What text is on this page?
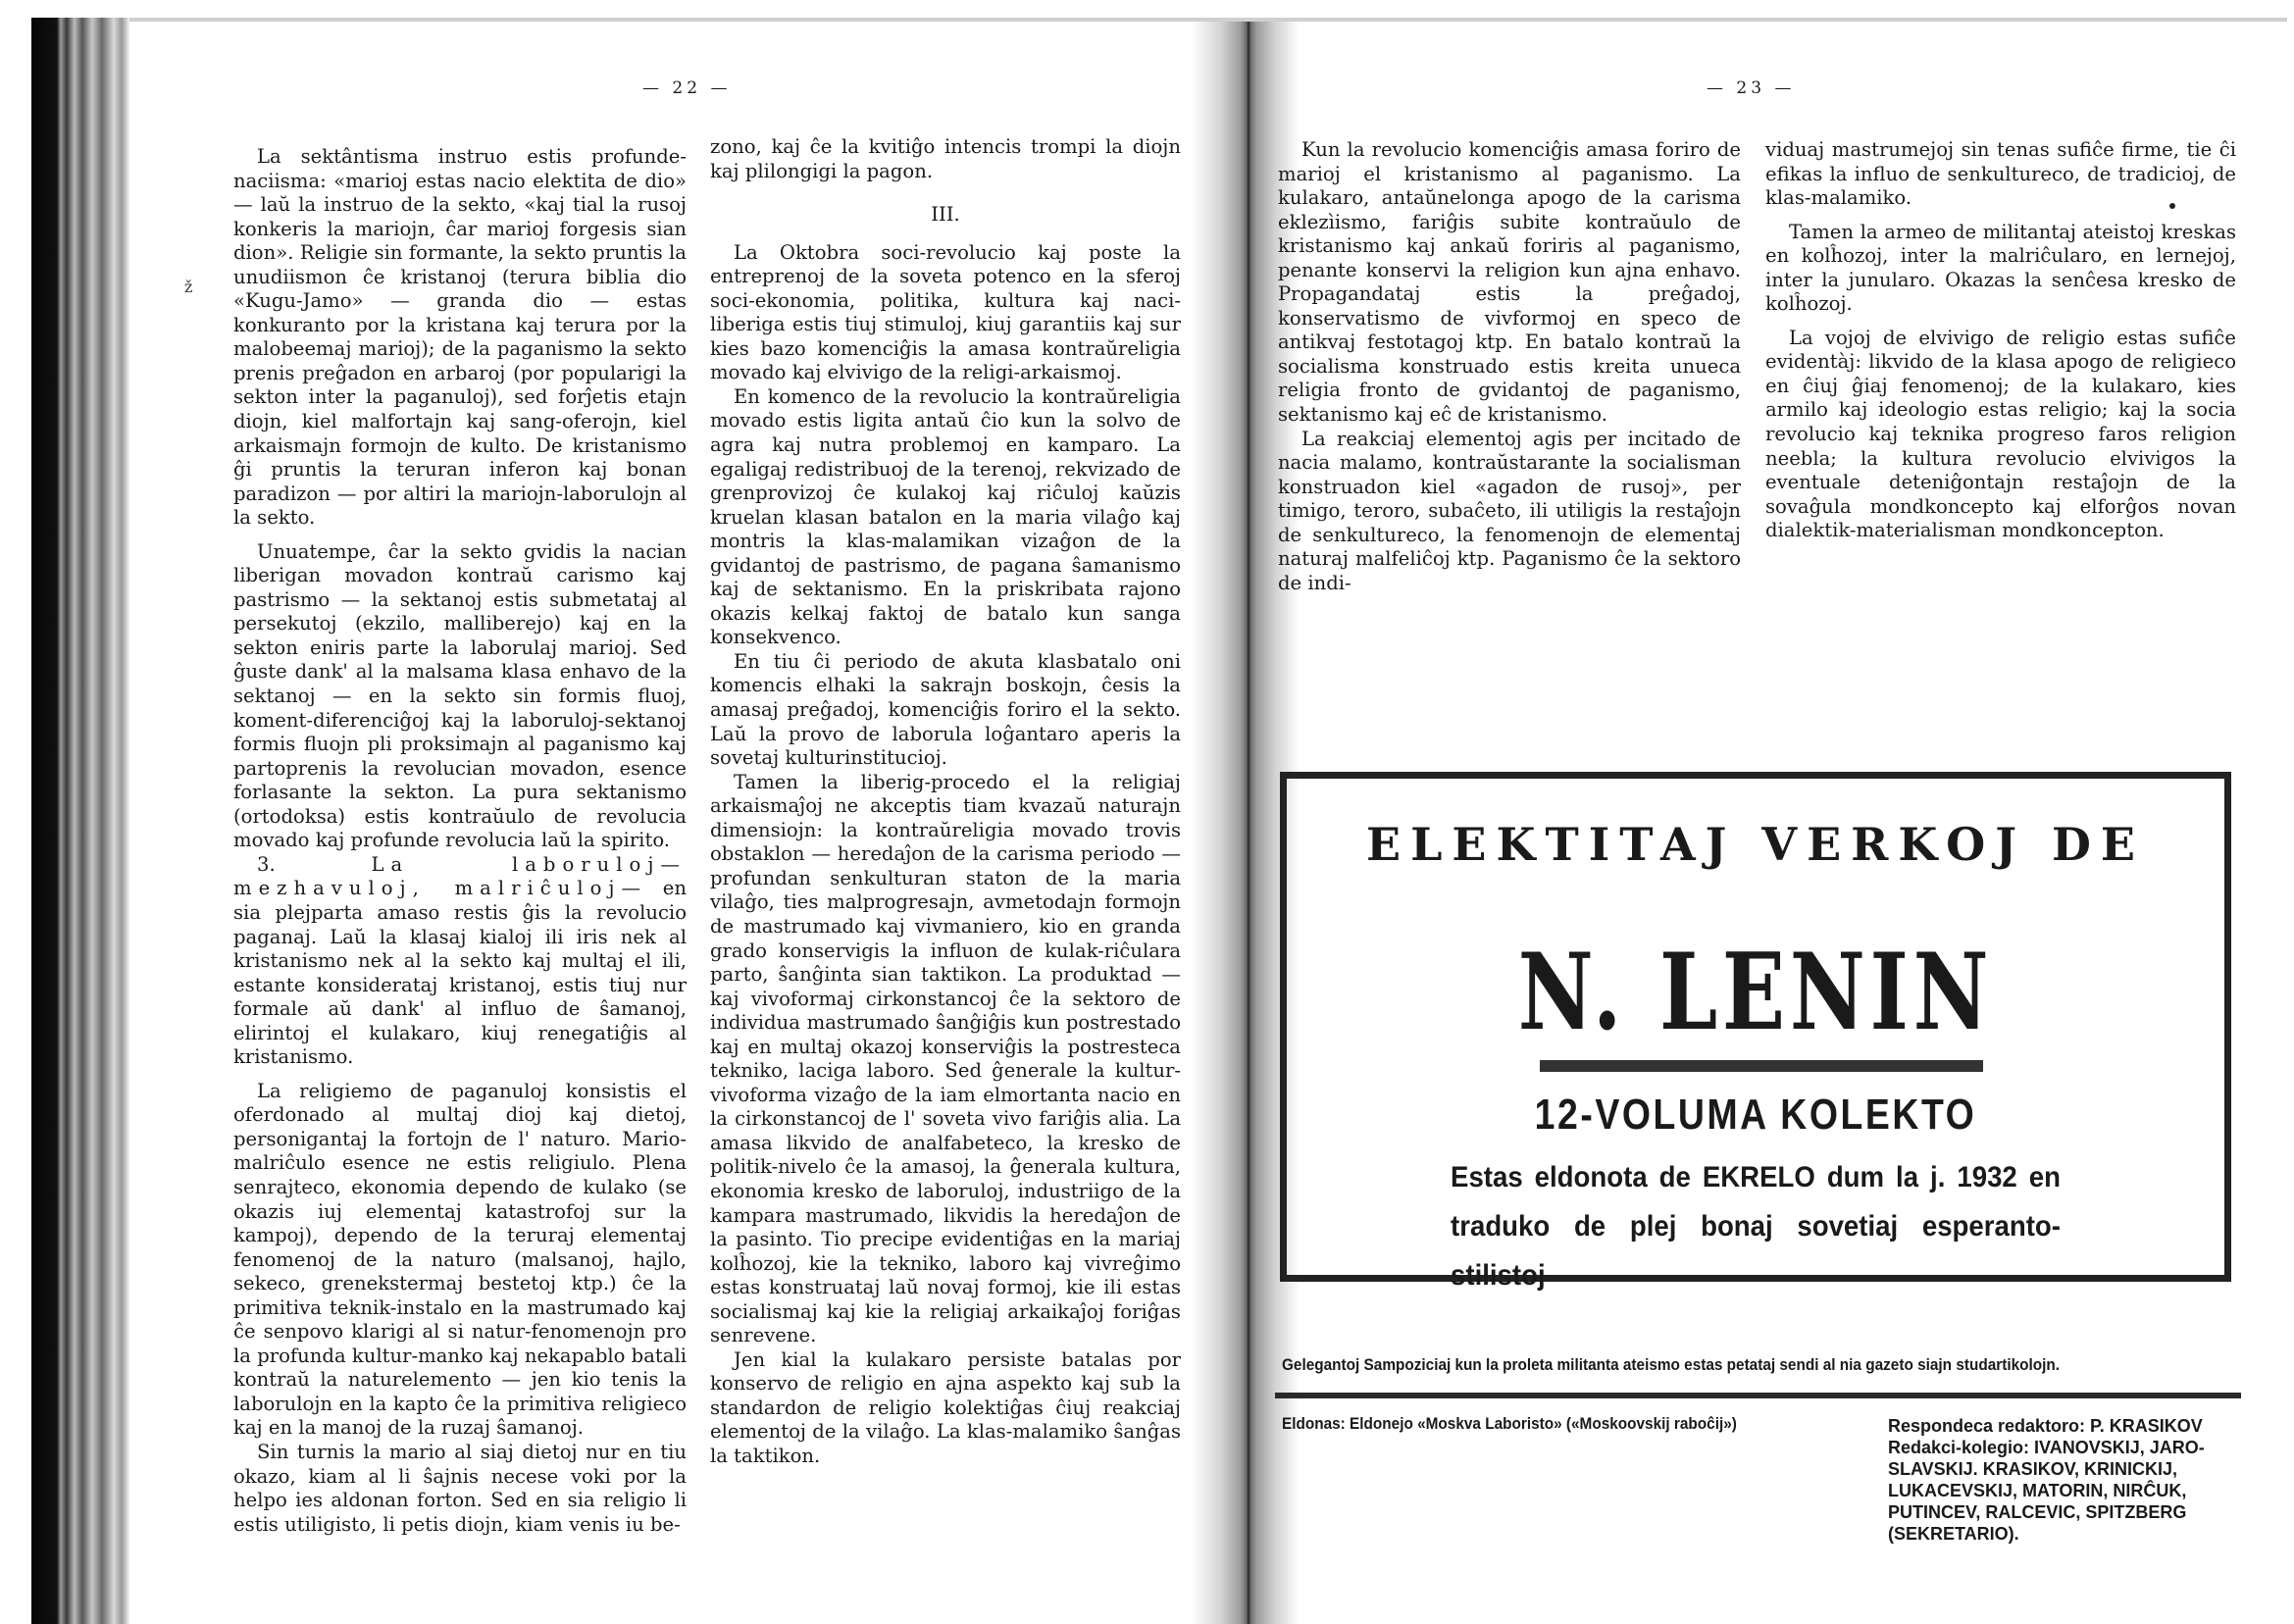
— 22 —
ž

La sektântisma instruo estis profunde-naciisma: «marioj estas nacio elektita de dio» — laŭ la instruo de la sekto, «kaj tial la rusoj konkeris la mariojn, ĉar marioj forgesis sian dion». Religie sin formante, la sekto pruntis la unudiismon ĉe kristanoj (terura biblia dio «Kugu-Jamo» — granda dio — estas konkuranto por la kristana kaj terura por la malobeemaj marioj); de la paganismo la sekto prenis preĝadon en arbaroj (por popularigi la sekton inter la paganuloj), sed forĵetis etajn diojn, kiel malfortajn kaj sang-oferojn, kiel arkaismajn formojn de kulto. De kristanismo ĝi pruntis la teruran inferon kaj bonan paradizon — por altiri la mariojn-laborulojn al la sekto.

Unuatempe, ĉar la sekto gvidis la nacian liberigan movadon kontraŭ carismo kaj pastrismo — la sektanoj estis submetataj al persekutoj (ekzilo, malliberejo) kaj en la sekton eniris parte la laborulaj marioj. Sed ĝuste dank' al la malsama klasa enhavo de la sektanoj — en la sekto sin formis fluoj, koment-diferenciĝoj kaj la laboruloj-sektanoj formis fluojn pli proksimajn al paganismo kaj partoprenis la revolucian movadon, esence forlasante la sekton. La pura sektanismo (ortodoksa) estis kontraŭulo de revolucia movado kaj profunde revolucia laŭ la spirito.

3.	La laboruloj—mezhavuloj, malriĉuloj— en sia plejparta amaso restis ĝis la revolucio paganaj. Laŭ la klasaj kialoj ili iris nek al kristanismo nek al la sekto kaj multaj el ili, estante konsiderataj kristanoj, estis tiuj nur formale aŭ dank' al influo de ŝamanoj, elirintoj el kulakaro, kiuj renegatiĝis al kristanismo.

La religiemo de paganuloj konsistis el oferdonado al multaj dioj kaj dietoj, personigantaj la fortojn de l' naturo. Mario-malriĉulo esence ne estis religiulo. Plena senrajteco, ekonomia dependo de kulako (se okazis iuj elementaj katastrofoj sur la kampoj), dependo de la teruraj elementaj fenomenoj de la naturo (malsanoj, hajlo, sekeco, grenekstermaj bestetoj ktp.) ĉe la primitiva teknik-instalo en la mastrumado kaj ĉe senpovo klarigi al si natur-fenomenojn pro la profunda kultur-manko kaj nekapablo batali kontraŭ la naturelemento — jen kio tenis la laborulojn en la kapto ĉe la primitiva religieco kaj en la manoj de la ruzaj ŝamanoj.

Sin turnis la mario al siaj dietoj nur en tiu okazo, kiam al li ŝajnis necese voki por la helpo ies aldonan forton. Sed en sia religio li estis utiligisto, li petis diojn, kiam venis iu be-

zono, kaj ĉe la kvitiĝo intencis trompi la diojn kaj plilongigi la pagon.

III.

La Oktobra soci-revolucio kaj poste la entreprenoj de la soveta potenco en la sferoj soci-ekonomia, politika, kultura kaj naci-liberiga estis tiuj stimuloj, kiuj garantiis kaj sur kies bazo komenciĝis la amasa kontraŭreligia movado kaj elvivigo de la religi-arkaismoj.

En komenco de la revolucio la kontraŭreligia movado estis ligita antaŭ ĉio kun la solvo de agra kaj nutra problemoj en kamparo. La egaligaj redistribuoj de la terenoj, rekvizado de grenprovizoj ĉe kulakoj kaj riĉuloj kaŭzis kruelan klasan batalon en la maria vilaĝo kaj montris la klas-malamikan vizaĝon de la gvidantoj de pastrismo, de pagana ŝamanismo kaj de sektanismo. En la priskribata rajono okazis kelkaj faktoj de batalo kun sanga konsekvenco.

En tiu ĉi periodo de akuta klasbatalo oni komencis elhaki la sakrajn boskojn, ĉesis la amasaj preĝadoj, komenciĝis foriro el la sekto. Laŭ la provo de laborula loĝantaro aperis la sovetaj kulturinstitucioj.

Tamen la liberig-procedo el la religiaj arkaismaĵoj ne akceptis tiam kvazaŭ naturajn dimensiojn: la kontraŭreligia movado trovis obstaklon — heredaĵon de la carisma periodo — profundan senkulturan staton de la maria vilaĝo, ties malprogresajn, avmetodajn formojn de mastrumado kaj vivmaniero, kio en granda grado konservigis la influon de kulak-riĉulara parto, ŝanĝinta sian taktikon. La produktad — kaj vivoformaj cirkonstancoj ĉe la sektoro de individua mastrumado ŝanĝiĝis kun postrestado kaj en multaj okazoj konserviĝis la postresteca tekniko, laciga laboro. Sed ĝenerale la kultur-vivoforma vizaĝo de la iam elmortanta nacio en la cirkonstancoj de l' soveta vivo fariĝis alia. La amasa likvido de analfabeteco, la kresko de politik-nivelo ĉe la amasoj, la ĝenerala kultura, ekonomia kresko de laboruloj, industriigo de la kampara mastrumado, likvidis la heredaĵon de la pasinto. Tio precipe evidentiĝas en la mariaj kolĥozoj, kie la tekniko, laboro kaj vivreĝimo estas konstruataj laŭ novaj formoj, kie ili estas socialismaj kaj kie la religiaj arkaikaĵoj foriĝas senrevene.

Jen kial la kulakaro persiste batalas por konservo de religio en ajna aspekto kaj sub la standardon de religio kolektiĝas ĉiuj reakciaj elementoj de la vilaĝo. La klas-malamiko ŝanĝas la taktikon.

— 23 —

Kun la revolucio komenciĝis amasa foriro de marioj el kristanismo al paganismo. La kulakaro, antaŭnelonga apogo de la carisma eklezìismo, fariĝis subite kontraŭulo de kristanismo kaj ankaŭ foriris al paganismo, penante konservi la religion kun ajna enhavo. Propagandataj estis la preĝadoj, konservatismo de vivformoj en speco de antikvaj festotagoj ktp. En batalo kontraŭ la socialisma konstruado estis kreita unueca religia fronto de gvidantoj de paganismo, sektanismo kaj eĉ de kristanismo.

La reakciaj elementoj agis per incitado de nacia malamo, kontraŭstarante la socialisman konstruadon kiel «agadon de rusoj», per timigo, teroro, subaĉeto, ili utiligis la restaĵojn de senkultureco, la fenomenojn de elementaj naturaj malfeliĉoj ktp. Paganismo ĉe la sektoro de indi-

viduaj mastrumejoj sin tenas sufiĉe firme, tie ĉi efikas la influo de senkultureco, de tradicioj, de klas-malamiko.

Tamen la armeo de militantaj ateistoj kreskas en kolĥozoj, inter la malriĉularo, en lernejoj, inter la junularo. Okazas la senĉesa kresko de kolĥozoj.

La vojoj de elvivigo de religio estas sufiĉe evidentàj: likvido de la klasa apogo de religieco en ĉiuj ĝiaj fenomenoj; de la kulakaro, kies armilo kaj ideologio estas religio; kaj la socia revolucio kaj teknika progreso faros religion neebla; la kultura revolucio elvivigos la eventuale deteniĝontajn restaĵojn de la sovaĝula mondkoncepto kaj elforĝos novan dialektik-materialisman mondkoncepton.

ELEKTITAJ VERKOJ DE
N. LENIN
12-VOLUMA KOLEKTO
Estas eldonota de EKRELO dum la j. 1932 en traduko de plej bonaj sovetiaj esperanto-stilistoj
Gelegantoj Sampoziciaj kun la proleta militanta ateismo estas petataj sendi al nia gazeto siajn studartikolojn.
Eldonas: Eldonejo «Moskva Laboristo» («Moskoovskij raboĉij»)	Respondeca redaktoro: P. KRASIKOV
Redakci-kolegio: IVANOVSKIJ, JARO-
SLAVSKIJ. KRASIKOV, KRINICKIJ,
LUKACEVSKIJ, MATORIN, NIRĈUK,
PUTINCEV, RALCEVIC, SPITZBERG
(SEKRETARIO).
